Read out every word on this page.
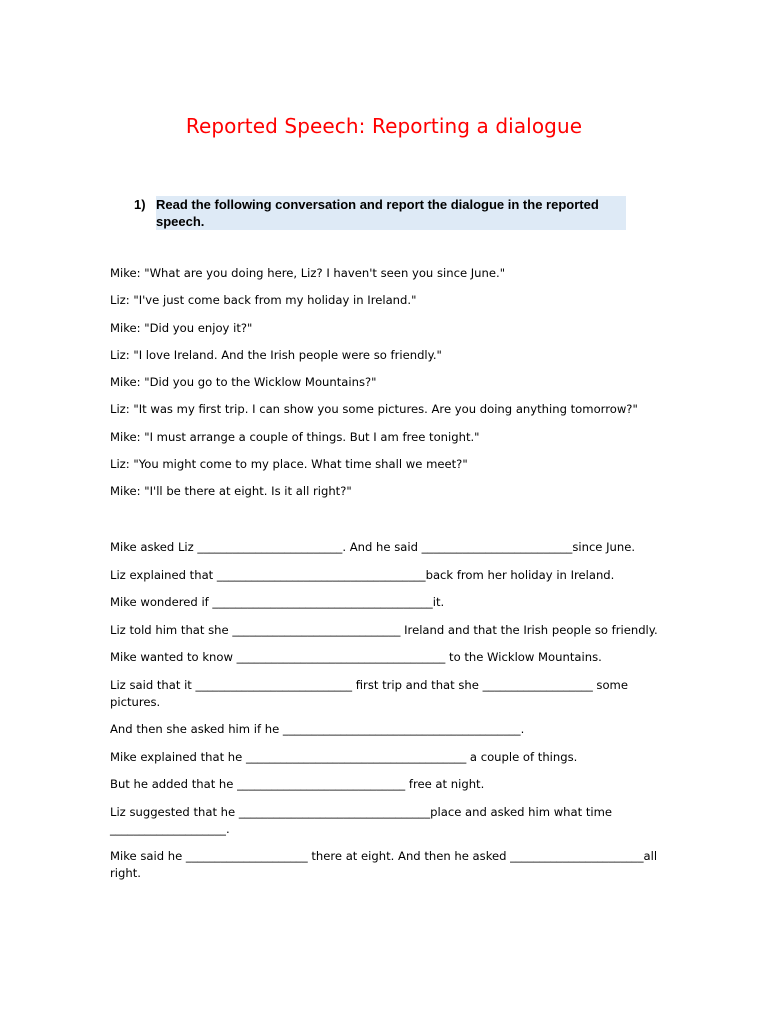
Reported Speech: Reporting a dialogue
1) Read the following conversation and report the dialogue in the reported speech.
Mike: "What are you doing here, Liz? I haven't seen you since June."
Liz: "I've just come back from my holiday in Ireland."
Mike: "Did you enjoy it?"
Liz: "I love Ireland. And the Irish people were so friendly."
Mike: "Did you go to the Wicklow Mountains?"
Liz: "It was my first trip. I can show you some pictures. Are you doing anything tomorrow?"
Mike: "I must arrange a couple of things. But I am free tonight."
Liz: "You might come to my place. What time shall we meet?"
Mike: "I'll be there at eight. Is it all right?"
Mike asked Liz _________________________. And he said __________________________since June.
Liz explained that ____________________________________back from her holiday in Ireland.
Mike wondered if ______________________________________it.
Liz told him that she _____________________________ Ireland and that the Irish people so friendly.
Mike wanted to know ____________________________________ to the Wicklow Mountains.
Liz said that it ___________________________ first trip and that she ___________________ some pictures.
And then she asked him if he _________________________________________.
Mike explained that he ______________________________________ a couple of things.
But he added that he _____________________________ free at night.
Liz suggested that he _________________________________place and asked him what time ____________________.
Mike said he _____________________ there at eight. And then he asked _______________________all right.
